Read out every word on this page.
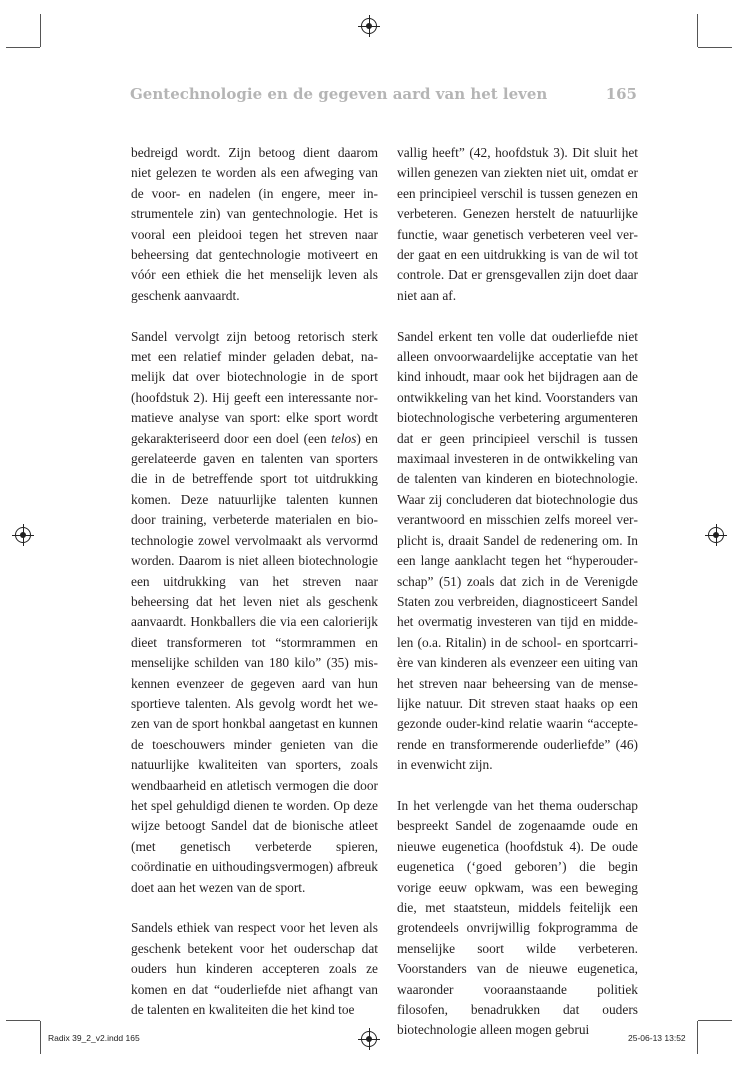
Gentechnologie en de gegeven aard van het leven	165

bedreigd wordt. Zijn betoog dient daarom niet gelezen te worden als een afweging van de voor- en nadelen (in engere, meer instrumentele zin) van gentechnologie. Het is vooral een pleidooi tegen het streven naar beheersing dat gentechnologie motiveert en vóór een ethiek die het menselijk leven als geschenk aanvaardt.

Sandel vervolgt zijn betoog retorisch sterk met een relatief minder geladen debat, namelijk dat over biotechnologie in de sport (hoofdstuk 2). Hij geeft een interessante normatieve analyse van sport: elke sport wordt gekarakteriseerd door een doel (een telos) en gerelateerde gaven en talenten van sporters die in de betreffende sport tot uitdrukking komen. Deze natuurlijke talenten kunnen door training, verbeterde materialen en biotechnologie zowel vervolmaakt als vervormd worden. Daarom is niet alleen biotechnologie een uitdrukking van het streven naar beheersing dat het leven niet als geschenk aanvaardt. Honkballers die via een calorierijk dieet transformeren tot “stormrammen en menselijke schilden van 180 kilo” (35) miskennen evenzeer de gegeven aard van hun sportieve talenten. Als gevolg wordt het wezen van de sport honkbal aangetast en kunnen de toeschouwers minder genieten van die natuurlijke kwaliteiten van sporters, zoals wendbaarheid en atletisch vermogen die door het spel gehuldigd dienen te worden. Op deze wijze betoogt Sandel dat de bionische atleet (met genetisch verbeterde spieren, coördinatie en uithoudingsvermogen) afbreuk doet aan het wezen van de sport.

Sandels ethiek van respect voor het leven als geschenk betekent voor het ouderschap dat ouders hun kinderen accepteren zoals ze komen en dat “ouderliefde niet afhangt van de talenten en kwaliteiten die het kind toe

vallig heeft” (42, hoofdstuk 3). Dit sluit het willen genezen van ziekten niet uit, omdat er een principieel verschil is tussen genezen en verbeteren. Genezen herstelt de natuurlijke functie, waar genetisch verbeteren veel verder gaat en een uitdrukking is van de wil tot controle. Dat er grensgevallen zijn doet daar niet aan af.

Sandel erkent ten volle dat ouderliefde niet alleen onvoorwaardelijke acceptatie van het kind inhoudt, maar ook het bijdragen aan de ontwikkeling van het kind. Voorstanders van biotechnologische verbetering argumenteren dat er geen principieel verschil is tussen maximaal investeren in de ontwikkeling van de talenten van kinderen en biotechnologie. Waar zij concluderen dat biotechnologie dus verantwoord en misschien zelfs moreel verplicht is, draait Sandel de redenering om. In een lange aanklacht tegen het “hyperouderschap” (51) zoals dat zich in de Verenigde Staten zou verbreiden, diagnosticeert Sandel het overmatig investeren van tijd en middelen (o.a. Ritalin) in de school- en sportcarrière van kinderen als evenzeer een uiting van het streven naar beheersing van de menselijke natuur. Dit streven staat haaks op een gezonde ouder-kind relatie waarin “accepterende en transformerende ouderliefde” (46) in evenwicht zijn.

In het verlengde van het thema ouderschap bespreekt Sandel de zogenaamde oude en nieuwe eugenetica (hoofdstuk 4). De oude eugenetica (‘goed geboren’) die begin vorige eeuw opkwam, was een beweging die, met staatsteun, middels feitelijk een grotendeels onvrijwillig fokprogramma de menselijke soort wilde verbeteren. Voorstanders van de nieuwe eugenetica, waaronder vooraanstaande politiek filosofen, benadrukken dat ouders biotechnologie alleen mogen gebrui

Radix 39_2_v2.indd 165	25-06-13 13:52
